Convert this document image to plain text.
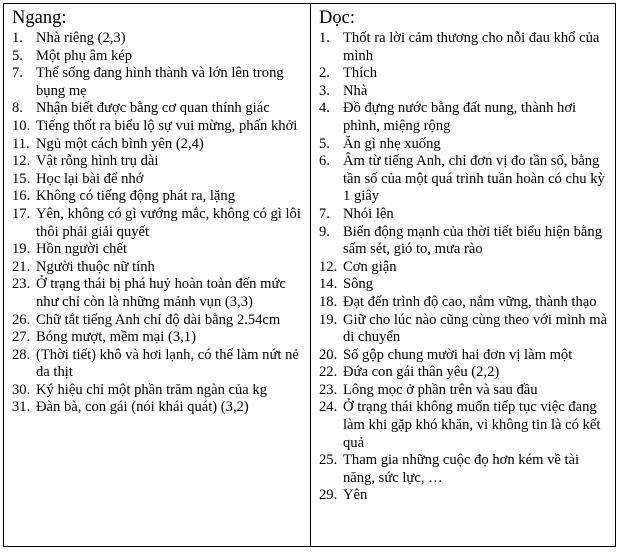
Ngang:
1. Nhà riêng (2,3)
5. Một phụ âm kép
7. Thể sống đang hình thành và lớn lên trong bụng mẹ
8. Nhận biết được bằng cơ quan thính giác
10. Tiếng thốt ra biểu lộ sự vui mừng, phấn khởi
11. Ngủ một cách bình yên (2,4)
12. Vật rỗng hình trụ dài
15. Học lại bài để nhớ
16. Không có tiếng động phát ra, lặng
17. Yên, không có gì vướng mắc, không có gì lôi thôi phải giải quyết
19. Hồn người chết
21. Người thuộc nữ tính
23. Ở trạng thái bị phá huỷ hoàn toàn đến mức như chỉ còn là những mảnh vụn (3,3)
26. Chữ tắt tiếng Anh chỉ độ dài bằng 2.54cm
27. Bóng mượt, mềm mại (3,1)
28. (Thời tiết) khô và hơi lạnh, có thể làm nứt nẻ da thịt
30. Ký hiệu chỉ một phần trăm ngàn của kg
31. Đàn bà, con gái (nói khái quát) (3,2)
Dọc:
1. Thốt ra lời cảm thương cho nỗi đau khổ của mình
2. Thích
3. Nhà
4. Đồ đựng nước bằng đất nung, thành hơi phình, miệng rộng
5. Ăn gì nhẹ xuống
6. Âm từ tiếng Anh, chỉ đơn vị đo tần số, bằng tần số của một quá trình tuần hoàn có chu kỳ 1 giây
7. Nhói lên
9. Biến động mạnh của thời tiết biểu hiện bằng sấm sét, gió to, mưa rào
12. Cơn giận
14. Sông
18. Đạt đến trình độ cao, nắm vững, thành thạo
19. Giữ cho lúc nào cũng cùng theo với mình mà di chuyển
20. Số gộp chung mười hai đơn vị làm một
22. Đứa con gái thân yêu (2,2)
23. Lông mọc ở phần trên và sau đầu
24. Ở trạng thái không muốn tiếp tục việc đang làm khi gặp khó khăn, vì không tin là có kết quả
25. Tham gia những cuộc đọ hơn kém về tài năng, sức lực, …
29. Yên
